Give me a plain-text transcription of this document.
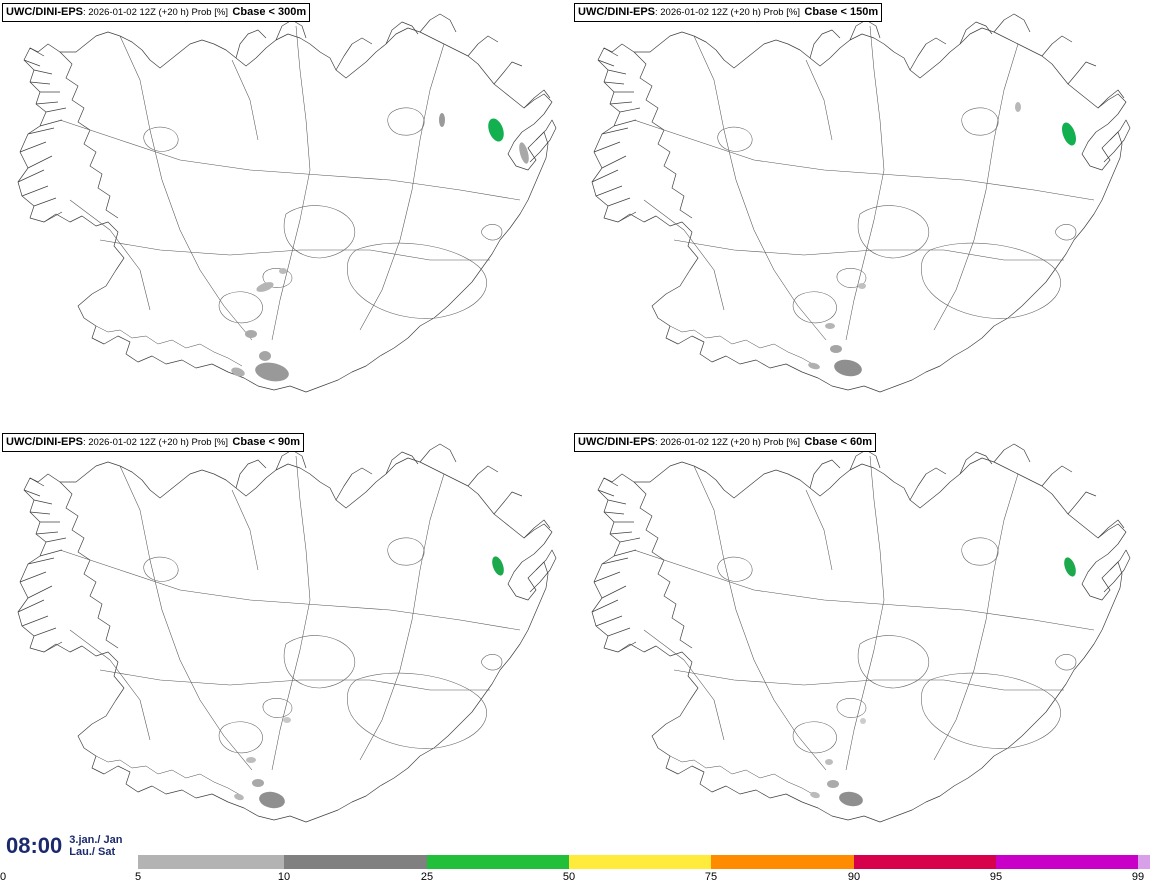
UWC/DINI-EPS: 2026-01-02 12Z (+20 h) Prob [%] Cbase < 300m	UWC/DINI-EPS: 2026-01-02 12Z (+20 h) Prob [%] Cbase < 150m
UWC/DINI-EPS: 2026-01-02 12Z (+20 h) Prob [%] Cbase < 90m	UWC/DINI-EPS: 2026-01-02 12Z (+20 h) Prob [%] Cbase < 60m
08:00 3.jan./ Jan
Lau./ Sat
0	5	10	25	50	75	90	95	99
